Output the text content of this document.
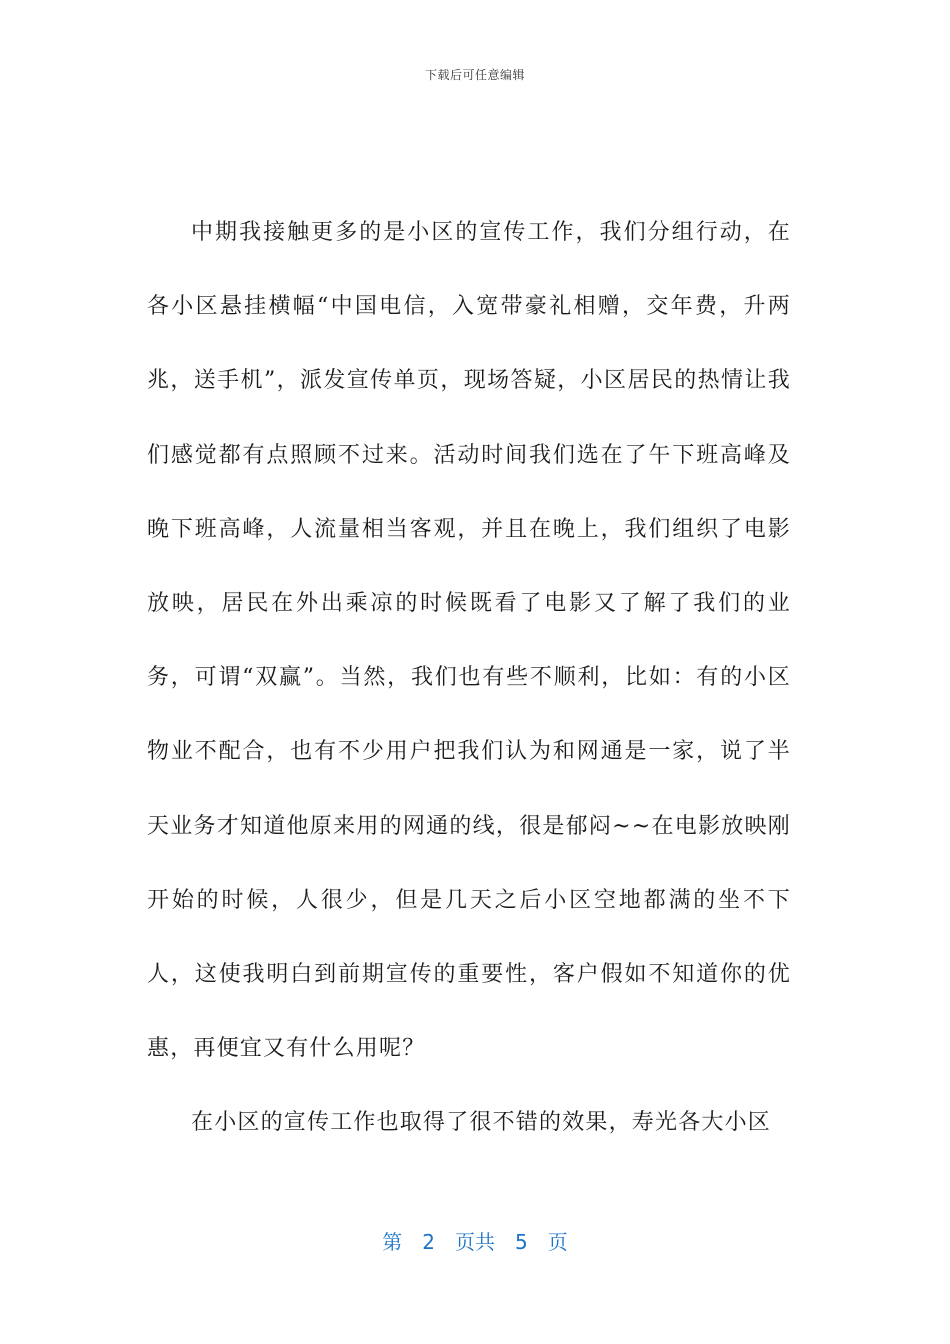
下载后可任意编辑

中期我接触更多的是小区的宣传工作，我们分组行动，在各小区悬挂横幅“中国电信，入宽带豪礼相赠，交年费，升两兆，送手机”，派发宣传单页，现场答疑，小区居民的热情让我们感觉都有点照顾不过来。活动时间我们选在了午下班高峰及晚下班高峰，人流量相当客观，并且在晚上，我们组织了电影放映，居民在外出乘凉的时候既看了电影又了解了我们的业务，可谓“双赢”。当然，我们也有些不顺利，比如：有的小区物业不配合，也有不少用户把我们认为和网通是一家，说了半天业务才知道他原来用的网通的线，很是郁闷~~在电影放映刚开始的时候，人很少，但是几天之后小区空地都满的坐不下人，这使我明白到前期宣传的重要性，客户假如不知道你的优惠，再便宜又有什么用呢？

在小区的宣传工作也取得了很不错的效果，寿光各大小区

第 2 页共 5 页
